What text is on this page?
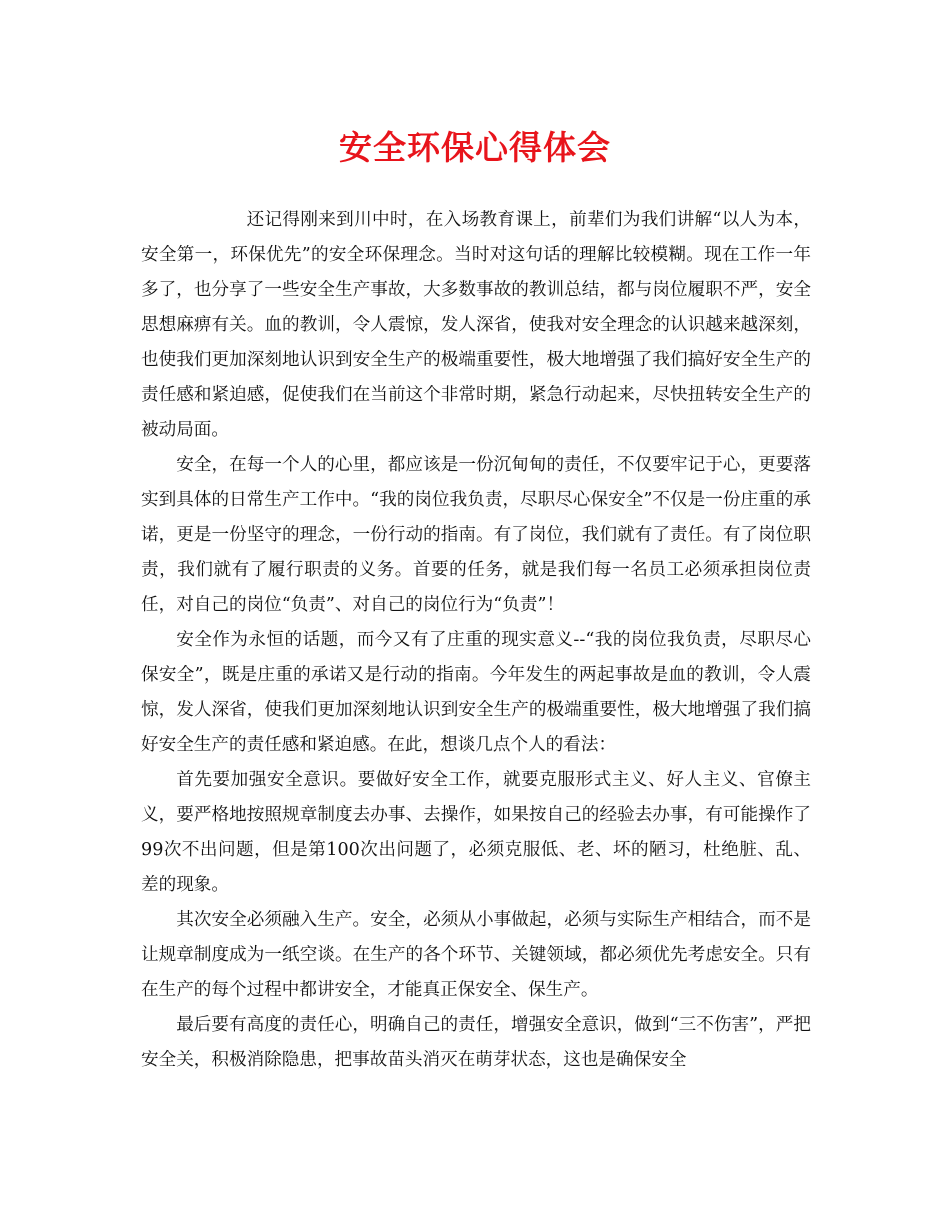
安全环保心得体会

还记得刚来到川中时，在入场教育课上，前辈们为我们讲解“以人为本，安全第一，环保优先”的安全环保理念。当时对这句话的理解比较模糊。现在工作一年多了，也分享了一些安全生产事故，大多数事故的教训总结，都与岗位履职不严，安全思想麻痹有关。血的教训，令人震惊，发人深省，使我对安全理念的认识越来越深刻，也使我们更加深刻地认识到安全生产的极端重要性，极大地增强了我们搞好安全生产的责任感和紧迫感，促使我们在当前这个非常时期，紧急行动起来，尽快扭转安全生产的被动局面。

安全，在每一个人的心里，都应该是一份沉甸甸的责任，不仅要牢记于心，更要落实到具体的日常生产工作中。“我的岗位我负责，尽职尽心保安全”不仅是一份庄重的承诺，更是一份坚守的理念，一份行动的指南。有了岗位，我们就有了责任。有了岗位职责，我们就有了履行职责的义务。首要的任务，就是我们每一名员工必须承担岗位责任，对自己的岗位“负责”、对自己的岗位行为“负责”！

安全作为永恒的话题，而今又有了庄重的现实意义--“我的岗位我负责，尽职尽心保安全”，既是庄重的承诺又是行动的指南。今年发生的两起事故是血的教训，令人震惊，发人深省，使我们更加深刻地认识到安全生产的极端重要性，极大地增强了我们搞好安全生产的责任感和紧迫感。在此，想谈几点个人的看法：

首先要加强安全意识。要做好安全工作，就要克服形式主义、好人主义、官僚主义，要严格地按照规章制度去办事、去操作，如果按自己的经验去办事，有可能操作了99次不出问题，但是第100次出问题了，必须克服低、老、坏的陋习，杜绝脏、乱、差的现象。

其次安全必须融入生产。安全，必须从小事做起，必须与实际生产相结合，而不是让规章制度成为一纸空谈。在生产的各个环节、关键领域，都必须优先考虑安全。只有在生产的每个过程中都讲安全，才能真正保安全、保生产。

最后要有高度的责任心，明确自己的责任，增强安全意识，做到“三不伤害”，严把安全关，积极消除隐患，把事故苗头消灭在萌芽状态，这也是确保安全
